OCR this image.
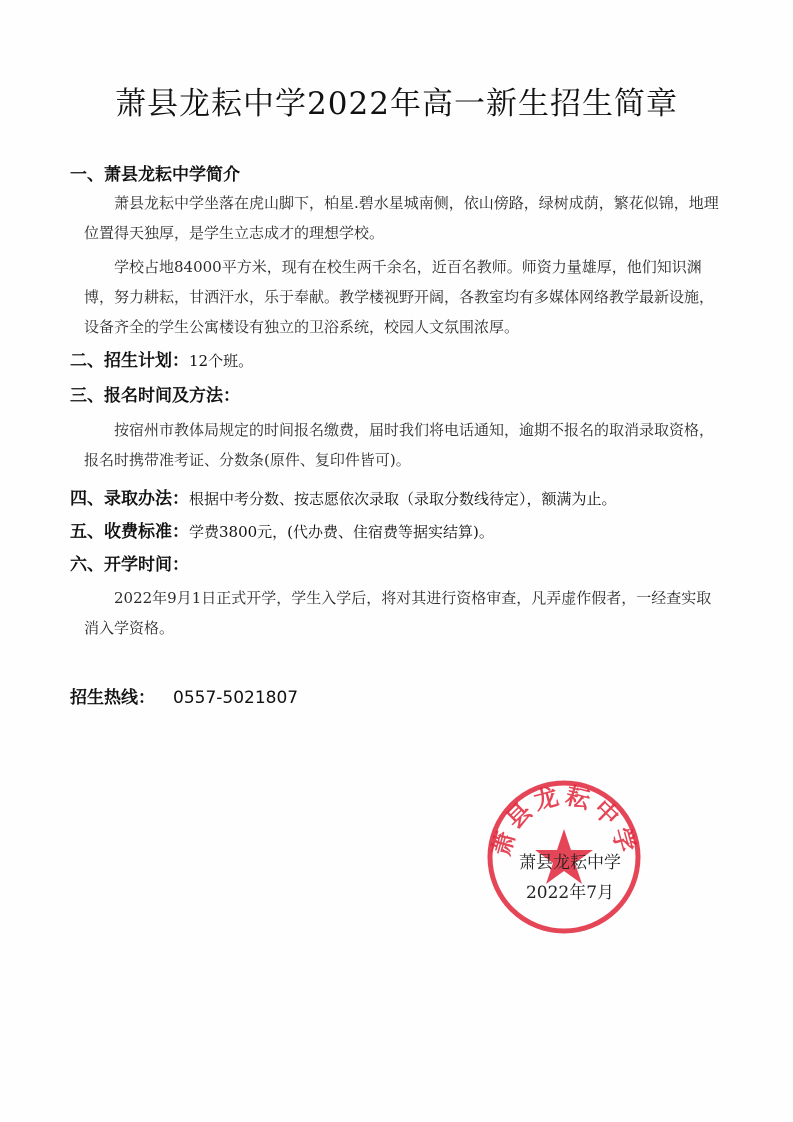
萧县龙耘中学2022年高一新生招生简章
一、萧县龙耘中学简介
萧县龙耘中学坐落在虎山脚下，柏星.碧水星城南侧，依山傍路，绿树成荫，繁花似锦，地理位置得天独厚，是学生立志成才的理想学校。
学校占地84000平方米，现有在校生两千余名，近百名教师。师资力量雄厚，他们知识渊博，努力耕耘，甘洒汗水，乐于奉献。教学楼视野开阔，各教室均有多媒体网络教学最新设施，设备齐全的学生公寓楼设有独立的卫浴系统，校园人文氛围浓厚。
二、招生计划：12个班。
三、报名时间及方法：
按宿州市教体局规定的时间报名缴费，届时我们将电话通知，逾期不报名的取消录取资格，报名时携带准考证、分数条(原件、复印件皆可)。
四、录取办法：根据中考分数、按志愿依次录取（录取分数线待定），额满为止。
五、收费标准：学费3800元，(代办费、住宿费等据实结算)。
六、开学时间：
2022年9月1日正式开学，学生入学后，将对其进行资格审查，凡弄虚作假者，一经查实取消入学资格。
招生热线： 0557-5021807
萧县龙耘中学
萧县龙耘中学
2022年7月
